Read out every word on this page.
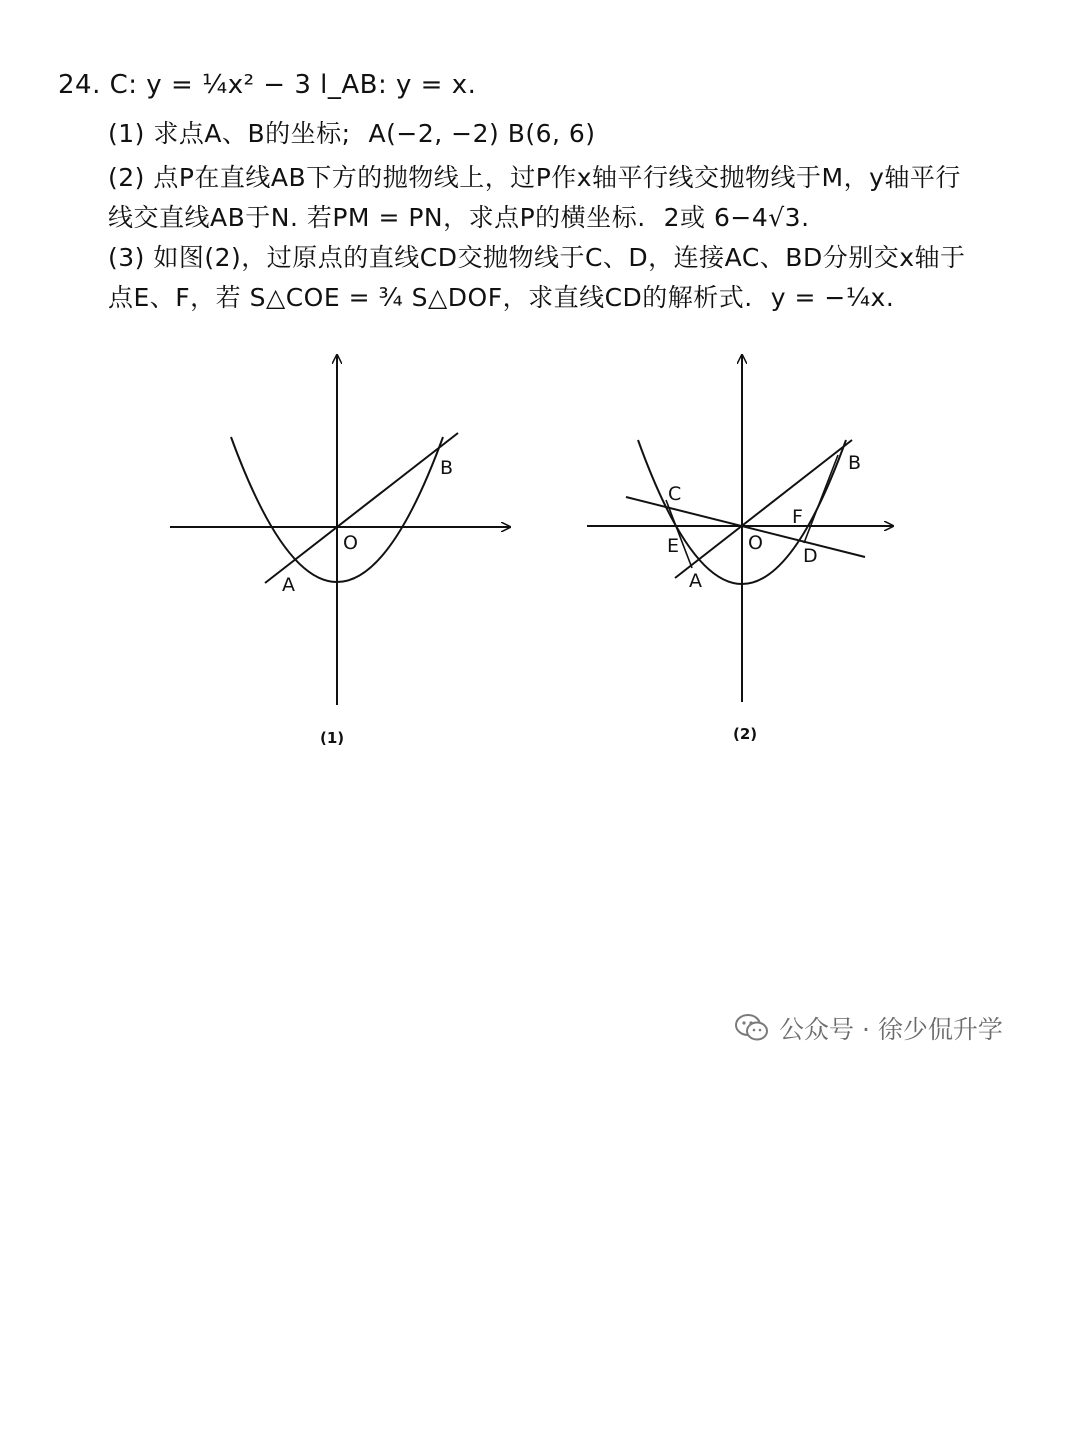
24. C: y = ¼x² − 3 l_AB: y = x.
(1) 求点A、B的坐标; A(−2, −2) B(6, 6)
(2) 点P在直线AB下方的抛物线上，过P作x轴平行线交抛物线于M，y轴平行
线交直线AB于N. 若PM = PN，求点P的横坐标. 2或 6−4√3.
(3) 如图(2)，过原点的直线CD交抛物线于C、D，连接AC、BD分别交x轴于
点E、F，若 S△COE = ¾ S△DOF，求直线CD的解析式. y = −¼x.
A
B
O
(1)
A
B
C
D
E
F
O
(2)
公众号 · 徐少侃升学
